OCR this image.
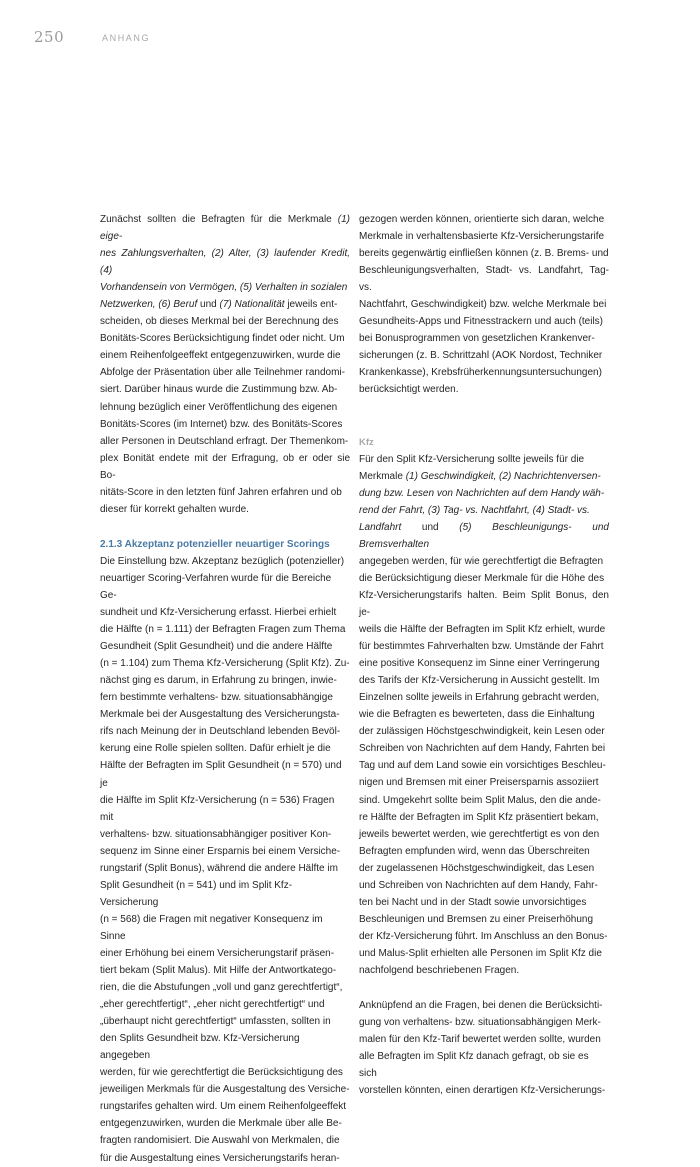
250	ANHANG

Zunächst sollten die Befragten für die Merkmale (1) eige-
nes Zahlungsverhalten, (2) Alter, (3) laufender Kredit, (4)
Vorhandensein von Vermögen, (5) Verhalten in sozialen
Netzwerken, (6) Beruf und (7) Nationalität jeweils ent-
scheiden, ob dieses Merkmal bei der Berechnung des
Bonitäts-Scores Berücksichtigung findet oder nicht. Um
einem Reihenfolgeeffekt entgegenzuwirken, wurde die
Abfolge der Präsentation über alle Teilnehmer randomi-
siert. Darüber hinaus wurde die Zustimmung bzw. Ab-
lehnung bezüglich einer Veröffentlichung des eigenen
Bonitäts-Scores (im Internet) bzw. des Bonitäts-Scores
aller Personen in Deutschland erfragt. Der Themenkom-
plex Bonität endete mit der Erfragung, ob er oder sie Bo-
nitäts-Score in den letzten fünf Jahren erfahren und ob
dieser für korrekt gehalten wurde.

2.1.3 Akzeptanz potenzieller neuartiger Scorings

Die Einstellung bzw. Akzeptanz bezüglich (potenzieller)
neuartiger Scoring-Verfahren wurde für die Bereiche Ge-
sundheit und Kfz-Versicherung erfasst. Hierbei erhielt
die Hälfte (n = 1.111) der Befragten Fragen zum Thema
Gesundheit (Split Gesundheit) und die andere Hälfte
(n = 1.104) zum Thema Kfz-Versicherung (Split Kfz). Zu-
nächst ging es darum, in Erfahrung zu bringen, inwie-
fern bestimmte verhaltens- bzw. situationsabhängige
Merkmale bei der Ausgestaltung des Versicherungsta-
rifs nach Meinung der in Deutschland lebenden Bevöl-
kerung eine Rolle spielen sollten. Dafür erhielt je die
Hälfte der Befragten im Split Gesundheit (n = 570) und je
die Hälfte im Split Kfz-Versicherung (n = 536) Fragen mit
verhaltens- bzw. situationsabhängiger positiver Kon-
sequenz im Sinne einer Ersparnis bei einem Versiche-
rungstarif (Split Bonus), während die andere Hälfte im
Split Gesundheit (n = 541) und im Split Kfz-Versicherung
(n = 568) die Fragen mit negativer Konsequenz im Sinne
einer Erhöhung bei einem Versicherungstarif präsen-
tiert bekam (Split Malus). Mit Hilfe der Antwortkatego-
rien, die die Abstufungen „voll und ganz gerechtfertigt“,
„eher gerechtfertigt“, „eher nicht gerechtfertigt“ und
„überhaupt nicht gerechtfertigt“ umfassten, sollten in
den Splits Gesundheit bzw. Kfz-Versicherung angegeben
werden, für wie gerechtfertigt die Berücksichtigung des
jeweiligen Merkmals für die Ausgestaltung des Versiche-
rungstarifes gehalten wird. Um einem Reihenfolgeeffekt
entgegenzuwirken, wurden die Merkmale über alle Be-
fragten randomisiert. Die Auswahl von Merkmalen, die
für die Ausgestaltung eines Versicherungstarifs heran-

gezogen werden können, orientierte sich daran, welche
Merkmale in verhaltensbasierte Kfz-Versicherungstarife
bereits gegenwärtig einfließen können (z. B. Brems- und
Beschleunigungsverhalten, Stadt- vs. Landfahrt, Tag- vs.
Nachtfahrt, Geschwindigkeit) bzw. welche Merkmale bei
Gesundheits-Apps und Fitnesstrackern und auch (teils)
bei Bonusprogrammen von gesetzlichen Krankenver-
sicherungen (z. B. Schrittzahl (AOK Nordost, Techniker
Krankenkasse), Krebsfrüherkennungsuntersuchungen)
berücksichtigt werden.

Kfz

Für den Split Kfz-Versicherung sollte jeweils für die
Merkmale (1) Geschwindigkeit, (2) Nachrichtenversen-
dung bzw. Lesen von Nachrichten auf dem Handy wäh-
rend der Fahrt, (3) Tag- vs. Nachtfahrt, (4) Stadt- vs.
Landfahrt und (5) Beschleunigungs- und Bremsverhalten
angegeben werden, für wie gerechtfertigt die Befragten
die Berücksichtigung dieser Merkmale für die Höhe des
Kfz-Versicherungstarifs halten. Beim Split Bonus, den je-
weils die Hälfte der Befragten im Split Kfz erhielt, wurde
für bestimmtes Fahrverhalten bzw. Umstände der Fahrt
eine positive Konsequenz im Sinne einer Verringerung
des Tarifs der Kfz-Versicherung in Aussicht gestellt. Im
Einzelnen sollte jeweils in Erfahrung gebracht werden,
wie die Befragten es bewerteten, dass die Einhaltung
der zulässigen Höchstgeschwindigkeit, kein Lesen oder
Schreiben von Nachrichten auf dem Handy, Fahrten bei
Tag und auf dem Land sowie ein vorsichtiges Beschleu-
nigen und Bremsen mit einer Preisersparnis assoziiert
sind. Umgekehrt sollte beim Split Malus, den die ande-
re Hälfte der Befragten im Split Kfz präsentiert bekam,
jeweils bewertet werden, wie gerechtfertigt es von den
Befragten empfunden wird, wenn das Überschreiten
der zugelassenen Höchstgeschwindigkeit, das Lesen
und Schreiben von Nachrichten auf dem Handy, Fahr-
ten bei Nacht und in der Stadt sowie unvorsichtiges
Beschleunigen und Bremsen zu einer Preiserhöhung
der Kfz-Versicherung führt. Im Anschluss an den Bonus-
und Malus-Split erhielten alle Personen im Split Kfz die
nachfolgend beschriebenen Fragen.

Anknüpfend an die Fragen, bei denen die Berücksichti-
gung von verhaltens- bzw. situationsabhängigen Merk-
malen für den Kfz-Tarif bewertet werden sollte, wurden
alle Befragten im Split Kfz danach gefragt, ob sie es sich
vorstellen könnten, einen derartigen Kfz-Versicherungs-
